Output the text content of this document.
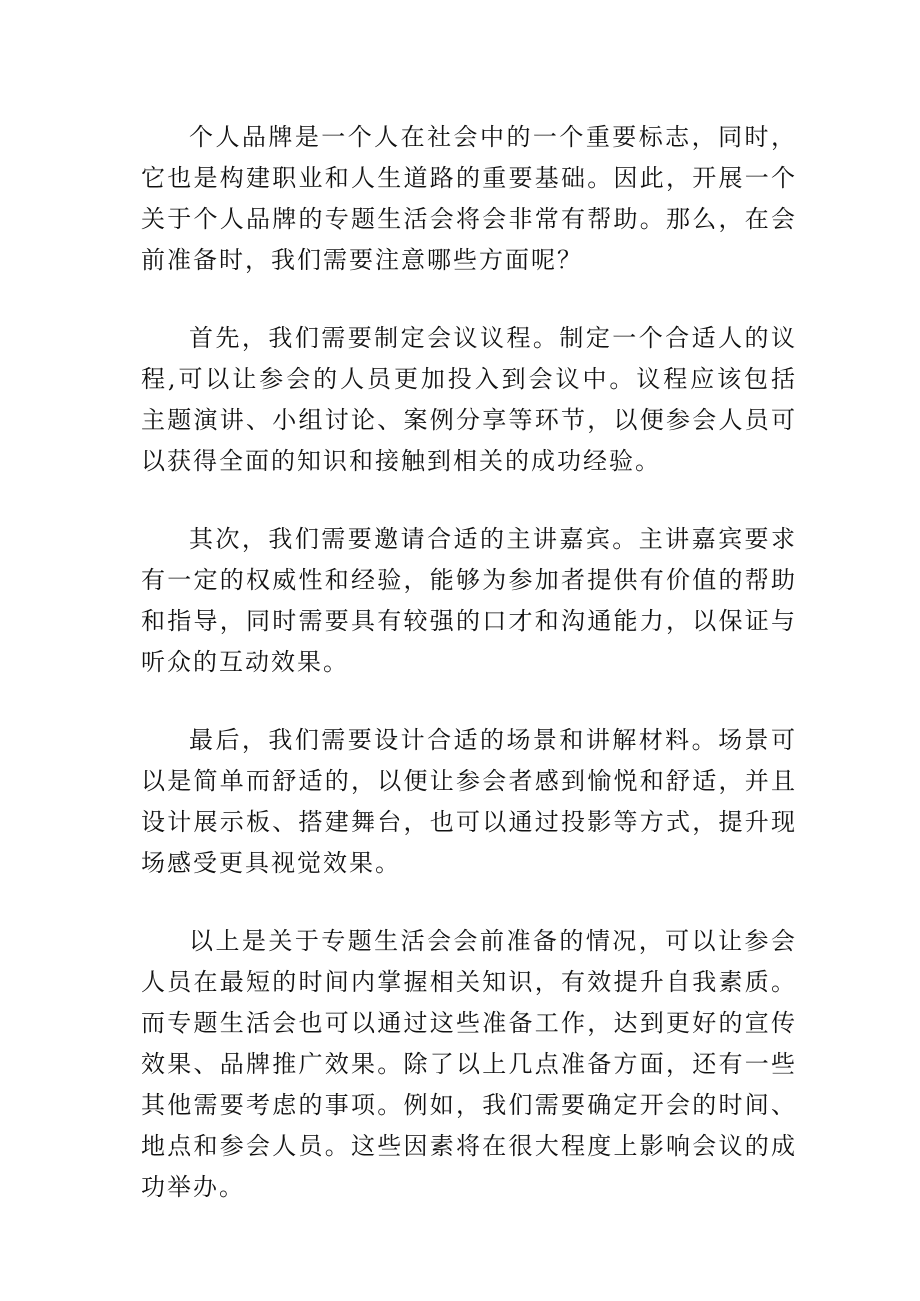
个人品牌是一个人在社会中的一个重要标志，同时，它也是构建职业和人生道路的重要基础。因此，开展一个关于个人品牌的专题生活会将会非常有帮助。那么，在会前准备时，我们需要注意哪些方面呢？

首先，我们需要制定会议议程。制定一个合适人的议程,可以让参会的人员更加投入到会议中。议程应该包括主题演讲、小组讨论、案例分享等环节，以便参会人员可以获得全面的知识和接触到相关的成功经验。

其次，我们需要邀请合适的主讲嘉宾。主讲嘉宾要求有一定的权威性和经验，能够为参加者提供有价值的帮助和指导，同时需要具有较强的口才和沟通能力，以保证与听众的互动效果。

最后，我们需要设计合适的场景和讲解材料。场景可以是简单而舒适的，以便让参会者感到愉悦和舒适，并且设计展示板、搭建舞台，也可以通过投影等方式，提升现场感受更具视觉效果。

以上是关于专题生活会会前准备的情况，可以让参会人员在最短的时间内掌握相关知识，有效提升自我素质。而专题生活会也可以通过这些准备工作，达到更好的宣传效果、品牌推广效果。除了以上几点准备方面，还有一些其他需要考虑的事项。例如，我们需要确定开会的时间、地点和参会人员。这些因素将在很大程度上影响会议的成功举办。
